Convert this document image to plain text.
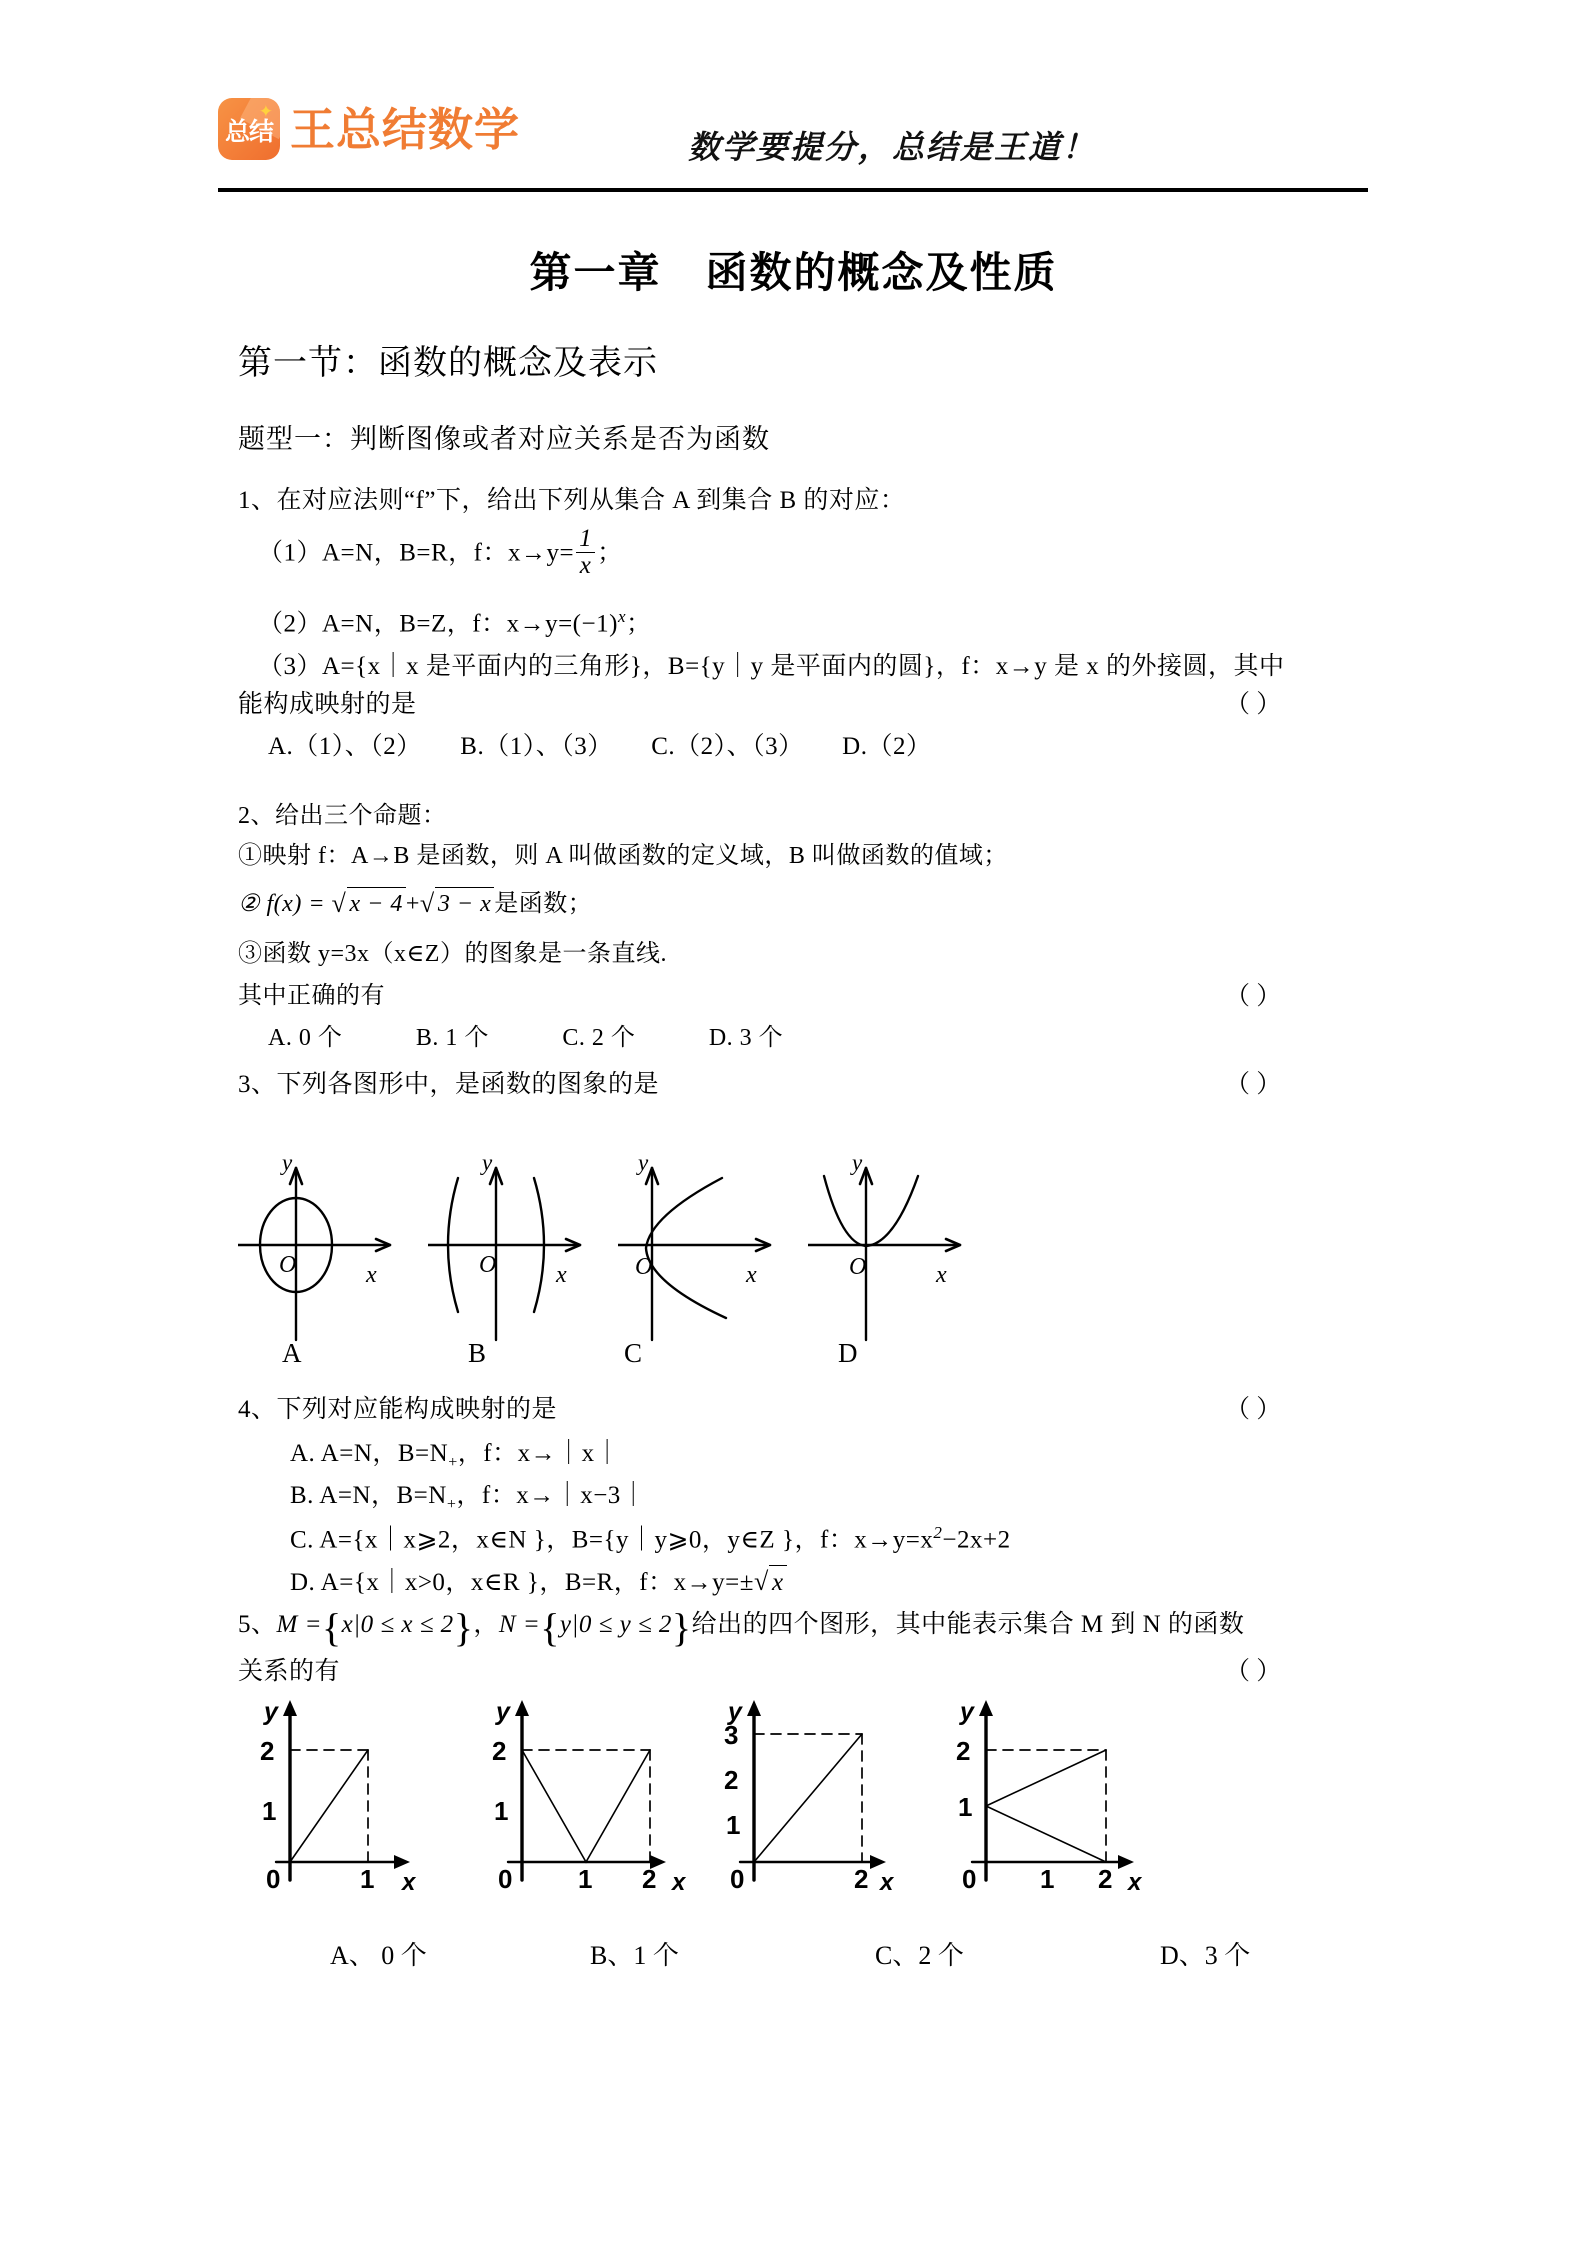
✦
总结 王总结数学	数学要提分，总结是王道！
第一章　函数的概念及性质
第一节：函数的概念及表示
题型一：判断图像或者对应关系是否为函数
1、在对应法则“f”下，给出下列从集合 A 到集合 B 的对应：
（1）A=N，B=R，f：$x\to y= \frac{1}{x}$ ；
（2）A=N，B=Z，f：$x\to y=(-1)^x$；
（3）A={x｜x 是平面内的三角形}，B={y｜y 是平面内的圆}，f：x→y 是 x 的外接圆，其中
能构成映射的是	（ ）
A.（1）、（2）　　B.（1）、（3）　　C.（2）、（3）　　D.（2）
2、给出三个命题：
①映射 f：A→B 是函数，则 A 叫做函数的定义域，B 叫做函数的值域；
② f(x) = √ x − 4 + √ 3 − x 是函数；
③函数 y=3x（x∈Z）的图象是一条直线.
其中正确的有	（ ）
A. 0 个　　　B. 1 个　　　C. 2 个　　　D. 3 个
3、下列各图形中，是函数的图象的是	（ ）
O
y
x
A
O
y
x
B
O
y
x
C
O
y
x
D
4、下列对应能构成映射的是	（ ）
A. A=N，$B=N_+$，f：x→｜x｜
B. A=N，$B=N_+$，f：x→｜x−3｜
C. A={x｜x⩾2，x∈N }，B={y｜y⩾0，y∈Z }，f：$x\to y=x^2-2x+2$
D. A={x｜x>0，x∈R }，B=R，f：x→y=± √ x
5、M ={x|0 ≤ x ≤ 2}，N ={y|0 ≤ y ≤ 2}给出的四个图形，其中能表示集合 M 到 N 的函数
关系的有	（ ）
2
1
0	1 x
y
2
1
0	1 2 x
y
3
2
1
0	2 x
y
2
1
0 1 2 x
y
A、 0 个	B、1 个	C、2 个	D、3 个
